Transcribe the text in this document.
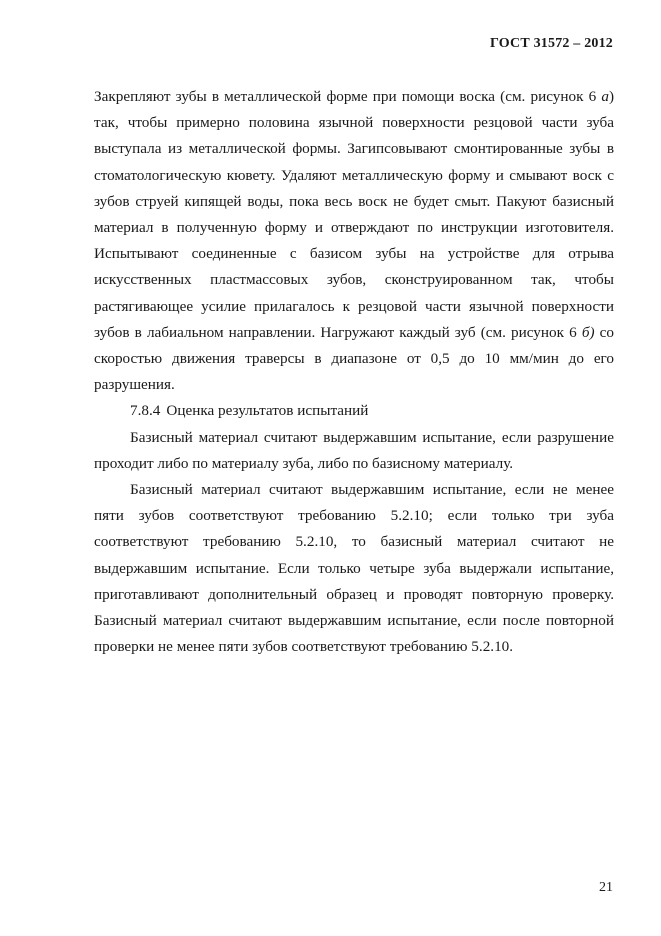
ГОСТ 31572 – 2012

Закрепляют зубы в металлической форме при помощи воска (см. рисунок 6 а) так, чтобы примерно половина язычной поверхности резцовой части зуба выступала из металлической формы. Загипсовывают смонтированные зубы в стоматологическую кювету. Удаляют металлическую форму и смывают воск с зубов струей кипящей воды, пока весь воск не будет смыт. Пакуют базисный материал в полученную форму и отверждают по инструкции изготовителя. Испытывают соединенные с базисом зубы на устройстве для отрыва искусственных пластмассовых зубов, сконструированном так, чтобы растягивающее усилие прилагалось к резцовой части язычной поверхности зубов в лабиальном направлении. Нагружают каждый зуб (см. рисунок 6 б) со скоростью движения траверсы в диапазоне от 0,5 до 10 мм/мин до его разрушения.

7.8.4 Оценка результатов испытаний

Базисный материал считают выдержавшим испытание, если разрушение проходит либо по материалу зуба, либо по базисному материалу.

Базисный материал считают выдержавшим испытание, если не менее пяти зубов соответствуют требованию 5.2.10; если только три зуба соответствуют требованию 5.2.10, то базисный материал считают не выдержавшим испытание. Если только четыре зуба выдержали испытание, приготавливают дополнительный образец и проводят повторную проверку. Базисный материал считают выдержавшим испытание, если после повторной проверки не менее пяти зубов соответствуют требованию 5.2.10.

21
